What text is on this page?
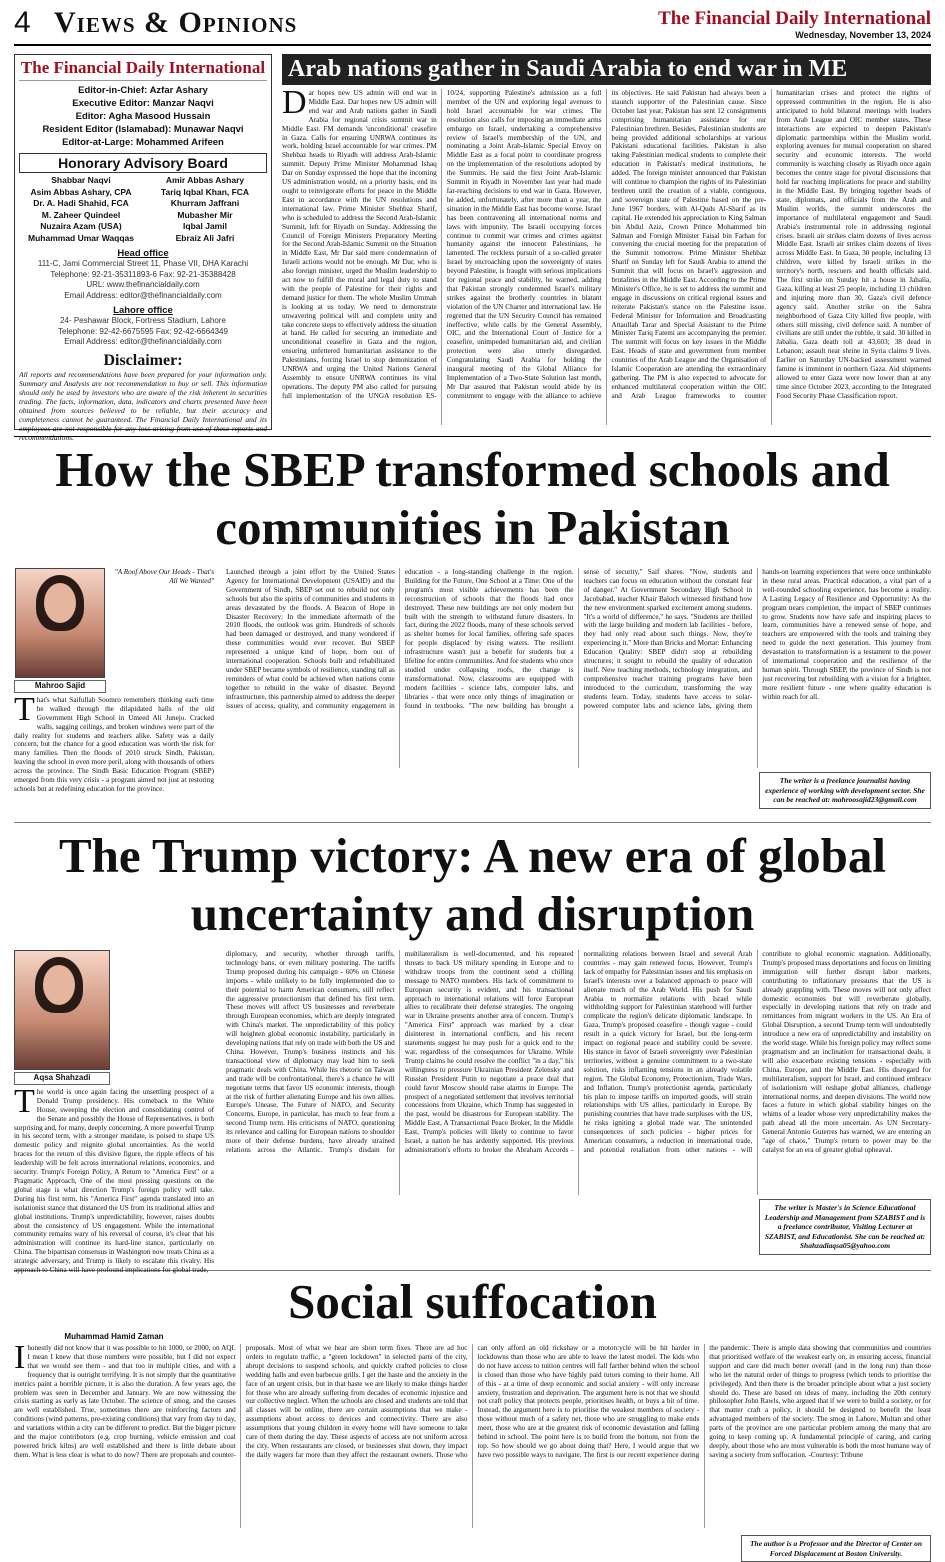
4 Views & Opinions	The Financial Daily International
Wednesday, November 13, 2024
The Financial Daily International
Editor-in-Chief: Azfar Ashary
Executive Editor: Manzar Naqvi
Editor: Agha Masood Hussain
Resident Editor (Islamabad): Munawar Naqvi
Editor-at-Large: Mohammed Arifeen
Honorary Advisory Board
Shabbar Naqvi
Asim Abbas Ashary, CPA
Dr. A. Hadi Shahid, FCA
M. Zaheer Quindeel
Nuzaira Azam (USA)
Muhammad Umar Waqqas
Amir Abbas Ashary
Tariq Iqbal Khan, FCA
Khurram Jaffrani
Mubasher Mir
Iqbal Jamil
Ebraiz Ali Jafri
Head office
111-C, Jami Commercial Street 11, Phase VII, DHA Karachi
Telephone: 92-21-35311893-6 Fax: 92-21-35388428
URL: www.thefinancialdaily.com
Email Address: editor@thefinancialdaily.com
Lahore office
24- Peshawar Block, Fortress Stadium, Lahore
Telephone: 92-42-6675595 Fax: 92-42-6664349
Email Address: editor@thefinancialdaily.com
Disclaimer:
All reports and recommendations have been prepared for your information only. Summary and Analysis are not recommendation to buy or sell. This information should only be used by investors who are aware of the risk inherent in securities trading. The facts, information, data, indicators and charts presented have been obtained from sources believed to be reliable, but their accuracy and completeness cannot be guaranteed. The Financial Daily International and its employees are not responsible for any loss arising from use of these reports and recommendations.
Arab nations gather in Saudi Arabia to end war in ME
Dar hopes new US admin will end war in Middle East. Dar hopes new US admin will end war and Arab nations gather in Saudi Arabia for regional crisis summit war in Middle East. FM demands 'unconditional' ceasefire in Gaza. Calls for ensuring UNRWA continues its work, holding Israel accountable for war crimes. PM Shehbaz heads to Riyadh will address Arab-Islamic summit. Deputy Prime Minister Mohammad Ishaq Dar on Sunday expressed the hope that the incoming US administration would, on a priority basis, end its ought to reinvigorate efforts for peace in the Middle East in accordance with the UN resolutions and international law. Prime Minister Shehbaz Sharif, who is scheduled to address the Second Arab-Islamic Summit, left for Riyadh on Sunday. Addressing the Council of Foreign Ministers Preparatory Meeting for the Second Arab-Islamic Summit on the Situation in Middle East, Mr Dar said mere condemnation of Israeli actions would not be enough. Mr Dar, who is also foreign minister, urged the Muslim leadership to act now to fulfill the moral and legal duty to stand with the people of Palestine for their rights and demand justice for them. The whole Muslim Ummah is looking at us today. We need to demonstrate unwavering political will and complete unity and take concrete steps to effectively address the situation at hand. He called for securing an immediate and unconditional ceasefire in Gaza and the region, ensuring unfettered humanitarian assistance to the Palestinians, forcing Israel to stop demonization of UNRWA and urging the United Nations General Assembly to ensure UNRWA continues its vital operations. The deputy PM also called for pursuing full implementation of the UNGA resolution ES-10/24, supporting Palestine's admission as a full member of the UN and exploring legal avenues to hold Israel accountable for war crimes. The resolution also calls for imposing an immediate arms embargo on Israel, undertaking a comprehensive review of Israel's membership of the UN, and nominating a Joint Arab-Islamic Special Envoy on Middle East as a focal point to coordinate progress on the implementation of the resolutions adopted by the Summits. He said the first Joint Arab-Islamic Summit in Riyadh in November last year had made far-reaching decisions to end war in Gaza. However, he added, unfortunately, after more than a year, the situation in the Middle East has become worse. Israel has been contravening all international norms and laws with impunity. The Israeli occupying forces continue to commit war crimes and crimes against humanity against the innocent Palestinians, he lamented. The reckless pursuit of a so-called greater Israel by encroaching upon the sovereignty of states beyond Palestine, is fraught with serious implications for regional peace and stability, he warned, adding that Pakistan strongly condemned Israel's military strikes against the brotherly countries in blatant violation of the UN Charter and international law. He regretted that the UN Security Council has remained ineffective, while calls by the General Assembly, OIC, and the International Court of Justice for a ceasefire, unimpeded humanitarian aid, and civilian protection were also utterly disregarded. Congratulating Saudi Arabia for holding the inaugural meeting of the Global Alliance for Implementation of a Two-State Solution last month, Mr Dar assured that Pakistan would abide by its commitment to engage with the alliance to achieve its objectives. He said Pakistan had always been a staunch supporter of the Palestinian cause. Since October last year, Pakistan has sent 12 consignments comprising humanitarian assistance for our Palestinian brethren. Besides, Palestinian students are being provided additional scholarships at various Pakistani educational facilities. Pakistan is also taking Palestinian medical students to complete their education in Pakistan's medical institutions, he added. The foreign minister announced that Pakistan will continue to champion the rights of its Palestinian brethren until the creation of a viable, contiguous, and sovereign state of Palestine based on the pre-June 1967 borders, with Al-Quds Al-Sharif as its capital. He extended his appreciation to King Salman bin Abdul Aziz, Crown Prince Mohammed bin Salman and Foreign Minister Faisal bin Farhan for convening the crucial meeting for the preparation of the Summit tomorrow. Prime Minister Shehbaz Sharif on Sunday left for Saudi Arabia to attend the Summit that will focus on Israel's aggression and brutalities in the Middle East. According to the Prime Minister's Office, he is set to address the summit and engage in discussions on critical regional issues and reiterate Pakistan's stance on the Palestine issue. Federal Minister for Information and Broadcasting Attaullah Tarar and Special Assistant to the Prime Minister Tariq Fatemi are accompanying the premier. The summit will focus on key issues in the Middle East. Heads of state and government from member countries of the Arab League and the Organisation of Islamic Cooperation are attending the extraordinary gathering. The PM is also expected to advocate for enhanced multilateral cooperation within the OIC and Arab League frameworks to counter humanitarian crises and protect the rights of oppressed communities in the region. He is also anticipated to hold bilateral meetings with leaders from Arab League and OIC member states. These interactions are expected to deepen Pakistan's diplomatic partnerships within the Muslim world, exploring avenues for mutual cooperation on shared security and economic interests. The world community is watching closely as Riyadh once again becomes the centre stage for pivotal discussions that hold far reaching implications for peace and stability in the Middle East. By bringing together heads of state, diplomats, and officials from the Arab and Muslim worlds, the summit underscores the importance of multilateral engagement and Saudi Arabia's instrumental role in addressing regional crises. Israeli air strikes claim dozens of lives across Middle East. Israeli air strikes claim dozens of lives across Middle East. In Gaza, 30 people, including 13 children, were killed by Israeli strikes in the territory's north, rescuers and health officials said. The first strike on Sunday hit a house in Jabalia, Gaza, killing at least 25 people, including 13 children and injuring more than 30, Gaza's civil defence agency said. Another strike on the Sabra neighborhood of Gaza City killed five people, with others still missing, civil defence said. A number of civilians are still under the rubble, it said. 30 killed in Jabalia, Gaza death toll at 43,603; 38 dead in Lebanon; assault near shrine in Syria claims 9 lives. Earlier on Saturday UN-backed assessment warned famine is imminent in northern Gaza. Aid shipments allowed to enter Gaza were now lower than at any time since October 2023, according to the Integrated Food Security Phase Classification report.
How the SBEP transformed schools and communities in Pakistan
Mahroo Sajid
"A Roof Above Our Heads - That's All We Wanted"
That's what Saifullah Soomro remembers thinking each time he walked through the dilapidated halls of the old Government High School in Umeed Ali Junejo. Cracked walls, sagging ceilings, and broken windows were part of the daily reality for students and teachers alike. Safety was a daily concern, but the chance for a good education was worth the risk for many families. Then the floods of 2010 struck Sindh, Pakistan, leaving the school in even more peril, along with thousands of others across the province. The Sindh Basic Education Program (SBEP) emerged from this very crisis - a program aimed not just at restoring schools but at redefining education for the province.
Launched through a joint effort by the United States Agency for International Development (USAID) and the Government of Sindh, SBEP set out to rebuild not only schools but also the spirits of communities and students in areas devastated by the floods. A Beacon of Hope in Disaster Recovery: In the immediate aftermath of the 2010 floods, the outlook was grim. Hundreds of schools had been damaged or destroyed, and many wondered if these communities would ever recover. But SBEP represented a unique kind of hope, born out of international cooperation. Schools built and rehabilitated under SBEP became symbols of resilience, standing tall as reminders of what could be achieved when nations come together to rebuild in the wake of disaster. Beyond infrastructure, this partnership aimed to address the deeper issues of access, quality, and community engagement in education - a long-standing challenge in the region. Building for the Future, One School at a Time: One of the program's most visible achievements has been the reconstruction of schools that the floods had once destroyed. These new buildings are not only modern but built with the strength to withstand future disasters. In fact, during the 2022 floods, many of these schools served as shelter homes for local families, offering safe spaces for people displaced by rising waters. The resilient infrastructure wasn't just a benefit for students but a lifeline for entire communities. And for students who once studied under collapsing roofs, the change is transformational. Now, classrooms are equipped with modern facilities - science labs, computer labs, and libraries - that were once only things of imagination or found in textbooks. "The new building has brought a sense of security," Saif shares. "Now, students and teachers can focus on education without the constant fear of danger." At Government Secondary High School in Jacobabad, teacher Khair Baloch witnessed firsthand how the new environment sparked excitement among students. "It's a world of difference," he says. "Students are thrilled with the large building and modern lab facilities - before, they had only read about such things. Now, they're experiencing it." More than Bricks and Mortar: Enhancing Education Quality: SBEP didn't stop at rebuilding structures; it sought to rebuild the quality of education itself. New teaching methods, technology integration, and comprehensive teacher training programs have been introduced to the curriculum, transforming the way students learn. Today, students have access to solar-powered computer labs and science labs, giving them hands-on learning experiences that were once unthinkable in these rural areas. Practical education, a vital part of a well-rounded schooling experience, has become a reality. A Lasting Legacy of Resilience and Opportunity: As the program nears completion, the impact of SBEP continues to grow. Students now have safe and inspiring places to learn, communities have a renewed sense of hope, and teachers are empowered with the tools and training they need to guide the next generation. This journey from devastation to transformation is a testament to the power of international cooperation and the resilience of the human spirit. Through SBEP, the province of Sindh is not just recovering but rebuilding with a vision for a brighter, more resilient future - one where quality education is within reach for all.
The writer is a freelance journalist having experience of working with development sector. She can be reached at: mahroosajid23@gmail.com
The Trump victory: A new era of global uncertainty and disruption
Aqsa Shahzadi
The world is once again facing the unsettling prospect of a Donald Trump presidency. His comeback to the White House, sweeping the election and consolidating control of the Senate and possibly the House of Representatives, is both surprising and, for many, deeply concerning. A more powerful Trump in his second term, with a stronger mandate, is poised to shape US domestic policy and reignite global uncertainties. As the world braces for the return of this divisive figure, the ripple effects of his leadership will be felt across international relations, economics, and security. Trump's Foreign Policy, A Return to "America First" or a Pragmatic Approach, One of the most pressing questions on the global stage is what direction Trump's foreign policy will take. During his first term, his "America First" agenda translated into an isolationist stance that distanced the US from its traditional allies and global institutions. Trump's unpredictability, however, raises doubts about the consistency of US engagement. While the international community remains wary of his reversal of course, it's clear that his administration will continue its hard-line stance, particularly on China. The bipartisan consensus in Washington now treats China as a strategic adversary, and Trump is likely to escalate this rivalry. His approach to China will have profound implications for global trade,
diplomacy, and security, whether through tariffs, technology bans, or even military posturing. The tariffs Trump proposed during his campaign - 60% on Chinese imports - while unlikely to be fully implemented due to their potential to harm American consumers, still reflect the aggressive protectionism that defined his first term. These moves will affect US businesses and reverberate through European economies, which are deeply integrated with China's market. The unpredictability of this policy will heighten global economic instability, particularly in developing nations that rely on trade with both the US and China. However, Trump's business instincts and his transactional view of diplomacy may lead him to seek pragmatic deals with China. While his rhetoric on Taiwan and trade will be confrontational, there's a chance he will negotiate terms that favor US economic interests, though at the risk of further alienating Europe and his own allies. Europe's Unease, The Future of NATO, and Security Concerns, Europe, in particular, has much to fear from a second Trump term. His criticisms of NATO, questioning its relevance and calling for European nations to shoulder more of their defense burdens, have already strained relations across the Atlantic. Trump's disdain for multilateralism is well-documented, and his repeated threats to back US military spending in Europe and to withdraw troops from the continent send a chilling message to NATO members. His lack of commitment to European security is evident, and his transactional approach to international relations will force European allies to recalibrate their defense strategies. The ongoing war in Ukraine presents another area of concern. Trump's "America First" approach was marked by a clear disinterest in international conflicts, and his recent statements suggest he may push for a quick end to the war, regardless of the consequences for Ukraine. While Trump claims he could resolve the conflict "in a day," his willingness to pressure Ukrainian President Zelensky and Russian President Putin to negotiate a peace deal that could favor Moscow should raise alarms in Europe. The prospect of a negotiated settlement that involves territorial concessions from Ukraine, which Trump has suggested in the past, would be disastrous for European stability. The Middle East, A Transactional Peace Broker, In the Middle East, Trump's policies will likely to continue to favor Israel, a nation he has ardently supported. His previous administration's efforts to broker the Abraham Accords - normalizing relations between Israel and several Arab countries - may gain renewed focus. However, Trump's lack of empathy for Palestinian issues and his emphasis on Israel's interests over a balanced approach to peace will alienate much of the Arab World. His push for Saudi Arabia to normalize relations with Israel while withholding support for Palestinian statehood will further complicate the region's delicate diplomatic landscape. In Gaza, Trump's proposed ceasefire - though vague - could result in a quick victory for Israel, but the long-term impact on regional peace and stability could be severe. His stance in favor of Israeli sovereignty over Palestinian territories, without a genuine commitment to a two-state solution, risks inflaming tensions in an already volatile region. The Global Economy, Protectionism, Trade Wars, and Inflation, Trump's protectionist agenda, particularly his plan to impose tariffs on imported goods, will strain relationships with US allies, particularly in Europe. By punishing countries that have trade surpluses with the US, he risks igniting a global trade war. The unintended consequences of such policies - higher prices for American consumers, a reduction in international trade, and potential retaliation from other nations - will contribute to global economic stagnation. Additionally, Trump's proposed mass deportations and focus on limiting immigration will further disrupt labor markets, contributing to inflationary pressures that the US is already grappling with. These moves will not only affect domestic economies but will reverberate globally, especially in developing nations that rely on trade and remittances from migrant workers in the US. An Era of Global Disruption, a second Trump term will undoubtedly introduce a new era of unpredictability and instability on the world stage. While his foreign policy may reflect some pragmatism and an inclination for transactional deals, it will also exacerbate existing tensions - especially with China, Europe, and the Middle East. His disregard for multilateralism, support for Israel, and continued embrace of isolationism will reshape global alliances, challenge international norms, and deepen divisions. The world now faces a future in which global stability hinges on the whims of a leader whose very unpredictability makes the path ahead all the more uncertain. As UN Secretary-General Antonio Guterres has warned, we are entering an "age of chaos," Trump's return to power may be the catalyst for an era of greater global upheaval.
The writer is Master's in Science Educational Leadership and Management from SZABIST and is a freelance contributor, Visiting Lecturer at SZABIST, and Educationist. She can be reached at: Shahzadiaqsa05@yahoo.com
Social suffocation
Muhammad Hamid Zaman
Ihonestly did not know that it was possible to hit 1000, or 2000, on AQI. I mean I knew that those numbers were possible, but I did not expect that we would see them - and that too in multiple cities, and with a frequency that is outright terrifying. It is not simply that the quantitative metrics paint a horrible picture, it is also the duration. A few years ago, the problem was seen in December and January. We are now witnessing the crisis starting as early as late October. The science of smog, and the causes are well established. True, sometimes there are reinforcing factors and conditions (wind patterns, pre-existing conditions) that vary from day to day, and variations within a city can be different to predict. But the bigger picture and the major contributors (e.g. crop burning, vehicle emission and coal powered brick kilns) are well established and there is little debate about them. What is less clear is what to do now? There are proposals and counter-proposals. Most of what we hear are short term fixes. There are ad hoc orders to regulate traffic, a "green lockdown" in selected parts of the city, abrupt decisions to suspend schools, and quickly crafted policies to close wedding halls and even barbecue grills. I get the haste and the anxiety in the face of an urgent crisis, but in that haste we are likely to make things harder for those who are already suffering from decades of economic injustice and our collective neglect. When the schools are closed and students are told that all classes will be online, there are certain assumptions that we make - assumptions about access to devices and connectivity. There are also assumptions that young children in every home will have someone to take care of them during the day. These aspects of access are not uniform across the city. When restaurants are closed, or businesses shut down, they impact the daily wagers far more than they affect the restaurant owners. Those who can only afford an old rickshaw or a motorcycle will be hit harder in lockdowns than those who are able to leave the latest model. The kids who do not have access to tuition centres will fall farther behind when the school is closed than those who have highly paid tutors coming to their home. All of this - at a time of deep economic and social anxiety - will only increase anxiety, frustration and deprivation. The argument here is not that we should not craft policy that protects people, prioritises health, or buys a bit of time. Instead, the argument here is to prioritise the weakest members of society - those without much of a safety net, those who are struggling to make ends meet, those who are at the greatest risk of economic devastation and falling behind in school. The point here is to build from the bottom, not from the top. So how should we go about doing that? Here, I would argue that we have two possible ways to navigate. The first is our recent experience during the pandemic. There is ample data showing that communities and countries that prioritised welfare of the weakest early on, in ensuring access, financial support and care did much better overall (and in the long run) than those who let the natural order of things to progress (which tends to prioritise the privileged). And then there is the broader principle about what a just society should do. These are based on ideas of many, including the 20th century philosopher John Rawls, who argued that if we were to build a society, or for that matter craft a policy, it should be designed to benefit the least advantaged members of the society. The smog in Lahore, Multan and other parts of the province are one particular problem among the many that are going to keep coming up. A fundamental principle of caring, and caring deeply, about those who are most vulnerable is both the most humane way of saving a society from suffocation. -Courtesy: Tribune
The author is a Professor and the Director of Center on Forced Displacement at Boston University.
